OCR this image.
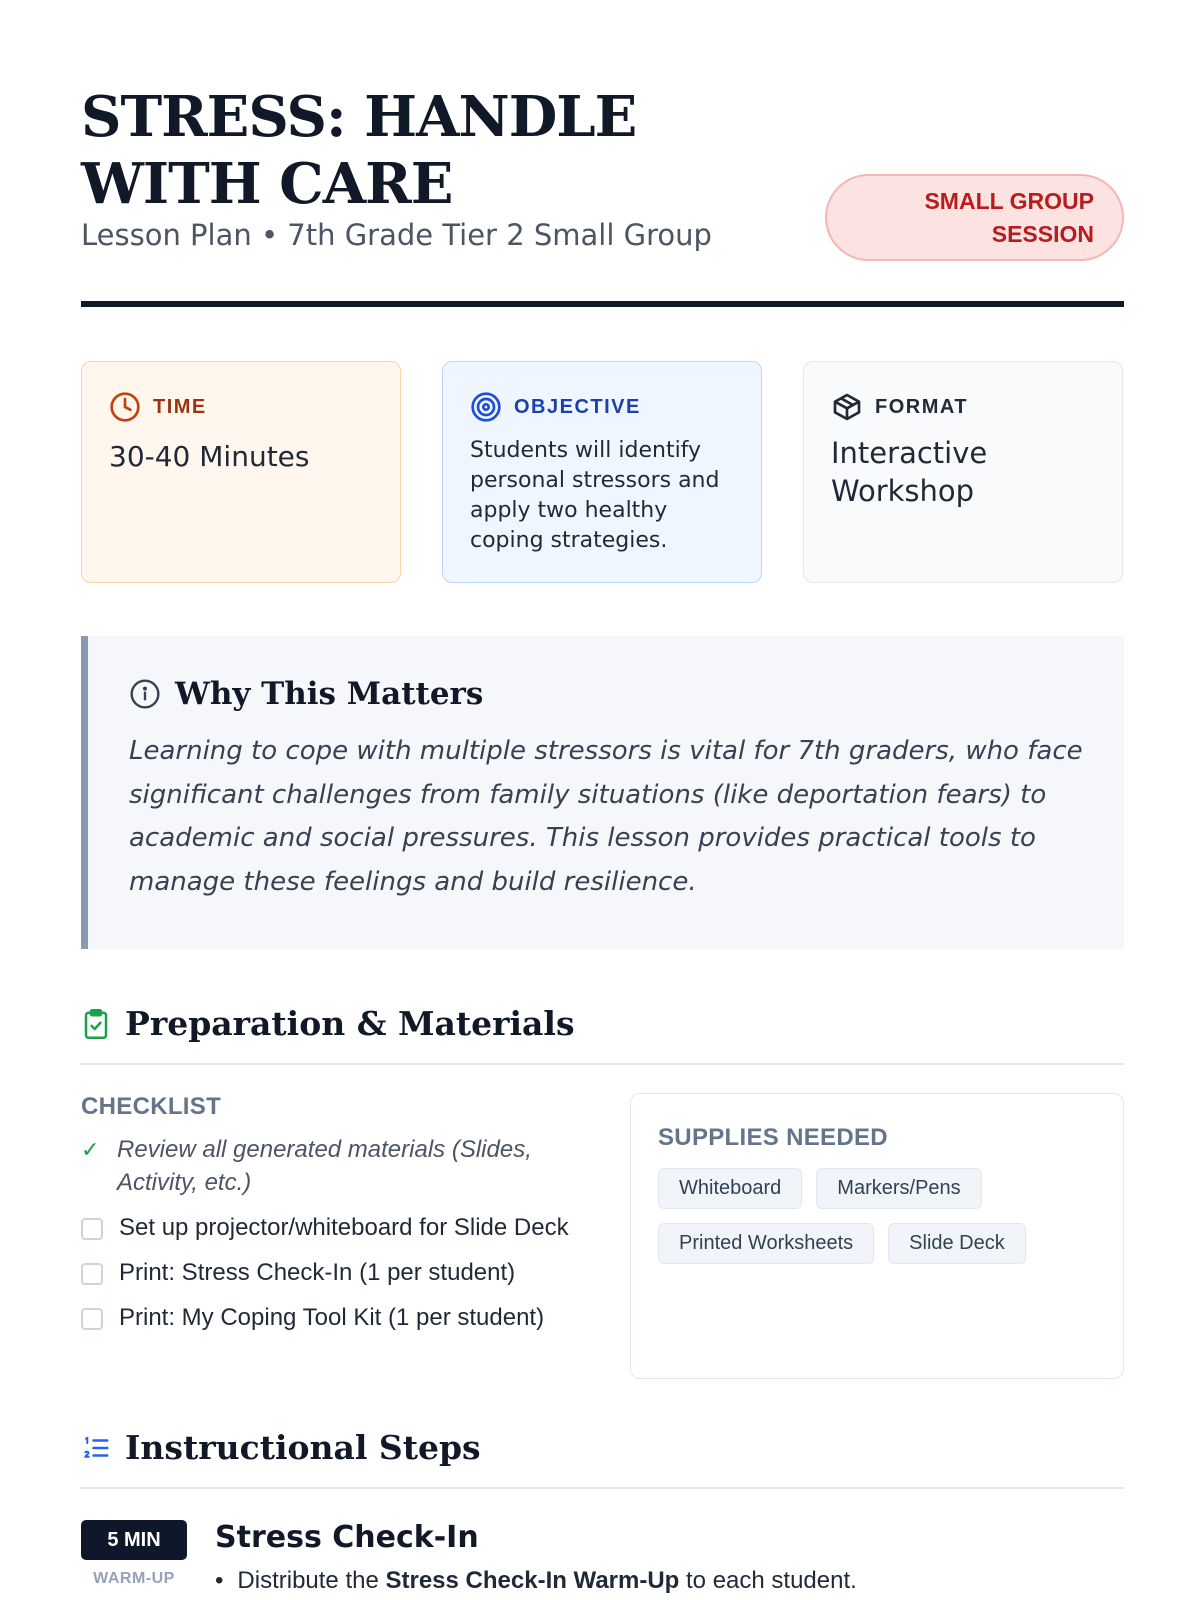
STRESS: HANDLE WITH CARE
Lesson Plan • 7th Grade Tier 2 Small Group
SMALL GROUP SESSION
TIME
30-40 Minutes
OBJECTIVE
Students will identify personal stressors and apply two healthy coping strategies.
FORMAT
Interactive Workshop
Why This Matters

Learning to cope with multiple stressors is vital for 7th graders, who face significant challenges from family situations (like deportation fears) to academic and social pressures. This lesson provides practical tools to manage these feelings and build resilience.

Preparation & Materials
CHECKLIST
✓ Review all generated materials (Slides, Activity, etc.)
Set up projector/whiteboard for Slide Deck
Print: Stress Check-In (1 per student)
Print: My Coping Tool Kit (1 per student)
SUPPLIES NEEDED
Whiteboard	Markers/Pens
Printed Worksheets	Slide Deck
Instructional Steps
5 MIN
WARM-UP
Stress Check-In
• Distribute the Stress Check-In Warm-Up to each student.
